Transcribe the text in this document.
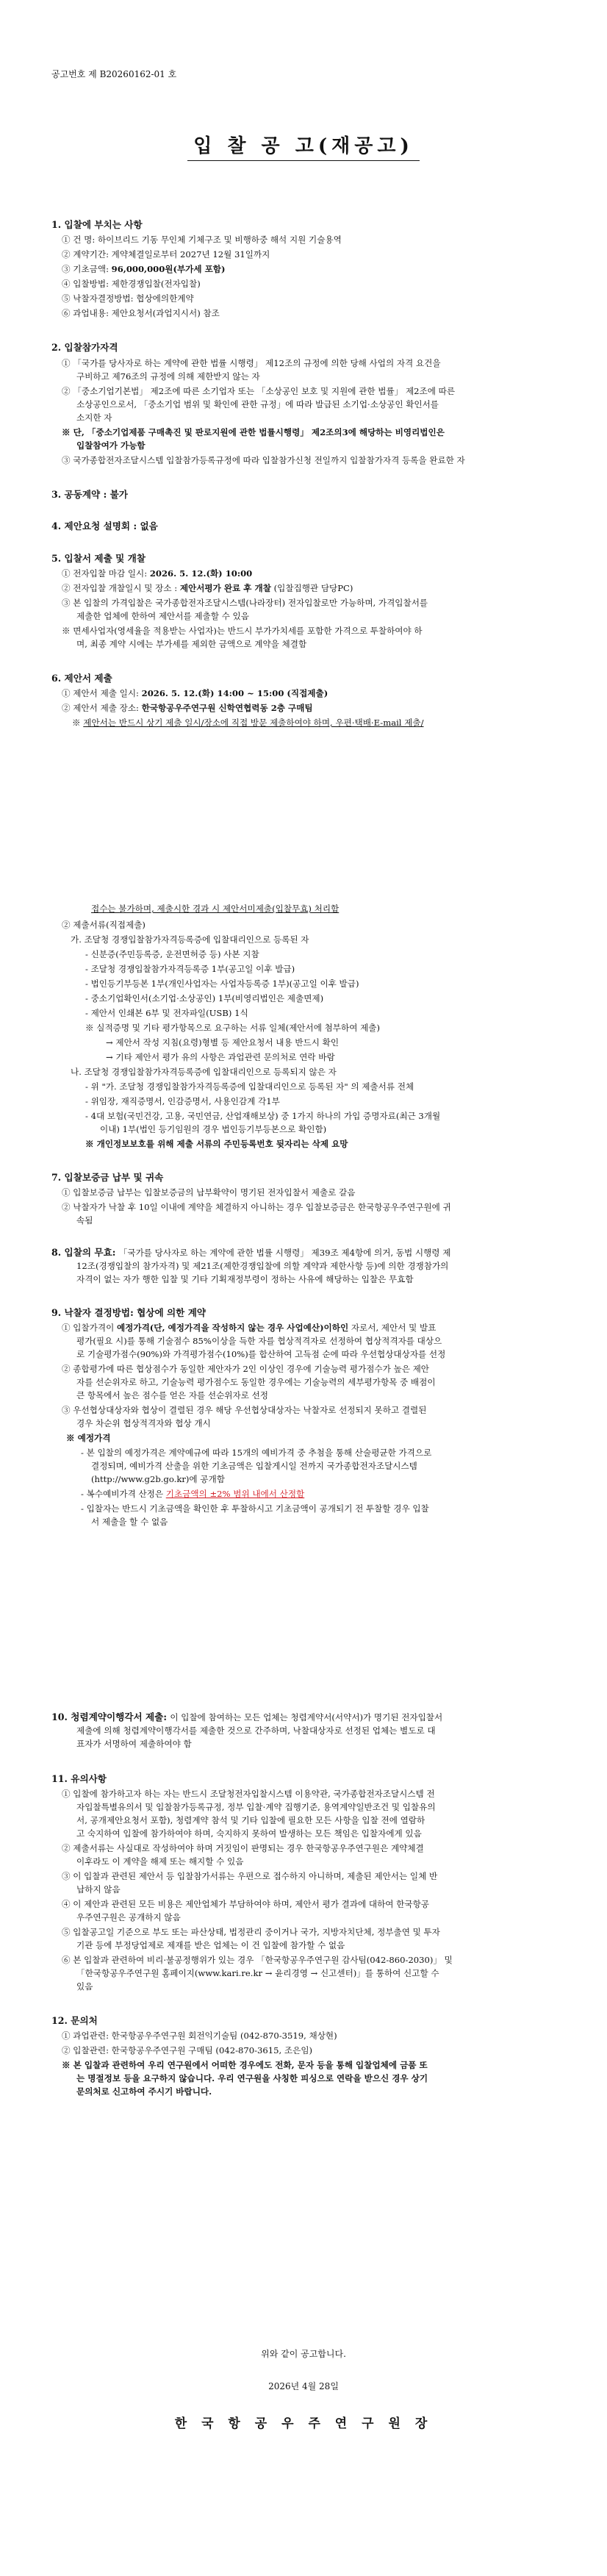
공고번호 제 B20260162-01 호
입 찰 공 고(재공고)
1. 입찰에 부치는 사항
① 건 명: 하이브리드 기동 무인체 기체구조 및 비행하중 해석 지원 기술용역
② 계약기간: 계약체결일로부터 2027년 12월 31일까지
③ 기초금액: 96,000,000원(부가세 포함)
④ 입찰방법: 제한경쟁입찰(전자입찰)
⑤ 낙찰자결정방법: 협상에의한계약
⑥ 과업내용: 제안요청서(과업지시서) 참조
2. 입찰참가자격
① 「국가를 당사자로 하는 계약에 관한 법률 시행령」 제12조의 규정에 의한 당해 사업의 자격 요건을
구비하고 제76조의 규정에 의해 제한받지 않는 자
② 「중소기업기본법」 제2조에 따른 소기업자 또는 「소상공인 보호 및 지원에 관한 법률」 제2조에 따른
소상공인으로서, 「중소기업 범위 및 확인에 관한 규정」에 따라 발급된 소기업·소상공인 확인서를
소지한 자
※ 단, 「중소기업제품 구매촉진 및 판로지원에 관한 법률시행령」 제2조의3에 해당하는 비영리법인은
입찰참여가 가능함
③ 국가종합전자조달시스템 입찰참가등록규정에 따라 입찰참가신청 전일까지 입찰참가자격 등록을 완료한 자
3. 공동계약 : 불가
4. 제안요청 설명회 : 없음
5. 입찰서 제출 및 개찰
① 전자입찰 마감 일시: 2026. 5. 12.(화) 10:00
② 전자입찰 개찰일시 및 장소 : 제안서평가 완료 후 개찰 (입찰집행관 담당PC)
③ 본 입찰의 가격입찰은 국가종합전자조달시스템(나라장터) 전자입찰로만 가능하며, 가격입찰서를
제출한 업체에 한하여 제안서를 제출할 수 있음
※ 면세사업자(영세율을 적용받는 사업자)는 반드시 부가가치세를 포함한 가격으로 투찰하여야 하
며, 최종 계약 시에는 부가세를 제외한 금액으로 계약을 체결함
6. 제안서 제출
① 제안서 제출 일시: 2026. 5. 12.(화) 14:00 ~ 15:00 (직접제출)
② 제안서 제출 장소: 한국항공우주연구원 신학연협력동 2층 구매팀
※ 제안서는 반드시 상기 제출 일시/장소에 직접 방문 제출하여야 하며, 우편·택배·E-mail 제출/
접수는 불가하며, 제출시한 경과 시 제안서미제출(입찰무효) 처리함
② 제출서류(직접제출)
가. 조달청 경쟁입찰참가자격등록증에 입찰대리인으로 등록된 자
- 신분증(주민등록증, 운전면허증 등) 사본 지참
- 조달청 경쟁입찰참가자격등록증 1부(공고일 이후 발급)
- 법인등기부등본 1부(개인사업자는 사업자등록증 1부)(공고일 이후 발급)
- 중소기업확인서(소기업·소상공인) 1부(비영리법인은 제출면제)
- 제안서 인쇄본 6부 및 전자파일(USB) 1식
※ 실적증명 및 기타 평가항목으로 요구하는 서류 일체(제안서에 첨부하여 제출)
→ 제안서 작성 지침(요령)형별 등 제안요청서 내용 반드시 확인
→ 기타 제안서 평가 유의 사항은 과업관련 문의처로 연락 바람
나. 조달청 경쟁입찰참가자격등록증에 입찰대리인으로 등록되지 않은 자
- 위 "가. 조달청 경쟁입찰참가자격등록증에 입찰대리인으로 등록된 자" 의 제출서류 전체
- 위임장, 재직증명서, 인감증명서, 사용인감계 각1부
- 4대 보험(국민건강, 고용, 국민연금, 산업재해보상) 중 1가지 하나의 가입 증명자료(최근 3개월
이내) 1부(법인 등기임원의 경우 법인등기부등본으로 확인함)
※ 개인정보보호를 위해 제출 서류의 주민등록번호 뒷자리는 삭제 요망
7. 입찰보증금 납부 및 귀속
① 입찰보증금 납부는 입찰보증금의 납부확약이 명기된 전자입찰서 제출로 갈음
② 낙찰자가 낙찰 후 10일 이내에 계약을 체결하지 아니하는 경우 입찰보증금은 한국항공우주연구원에 귀
속됨
8. 입찰의 무효: 「국가를 당사자로 하는 계약에 관한 법률 시행령」 제39조 제4항에 의거, 동법 시행령 제
12조(경쟁입찰의 참가자격) 및 제21조(제한경쟁입찰에 의할 계약과 제한사항 등)에 의한 경쟁참가의
자격이 없는 자가 행한 입찰 및 기타 기획재정부령이 정하는 사유에 해당하는 입찰은 무효함
9. 낙찰자 결정방법: 협상에 의한 계약
① 입찰가격이 예정가격(단, 예정가격을 작성하지 않는 경우 사업예산)이하인 자로서, 제안서 및 발표
평가(필요 시)를 통해 기술점수 85%이상을 득한 자를 협상적격자로 선정하여 협상적격자를 대상으
로 기술평가점수(90%)와 가격평가점수(10%)를 합산하여 고득점 순에 따라 우선협상대상자를 선정
② 종합평가에 따른 협상점수가 동일한 제안자가 2인 이상인 경우에 기술능력 평가점수가 높은 제안
자를 선순위자로 하고, 기술능력 평가점수도 동일한 경우에는 기술능력의 세부평가항목 중 배점이
큰 항목에서 높은 점수를 얻은 자를 선순위자로 선정
③ 우선협상대상자와 협상이 결렬된 경우 해당 우선협상대상자는 낙찰자로 선정되지 못하고 결렬된
경우 차순위 협상적격자와 협상 개시
※ 예정가격
- 본 입찰의 예정가격은 계약예규에 따라 15개의 예비가격 중 추첨을 통해 산술평균한 가격으로
결정되며, 예비가격 산출을 위한 기초금액은 입찰게시일 전까지 국가종합전자조달시스템
(http://www.g2b.go.kr)에 공개함
- 복수예비가격 산정은 기초금액의 ±2% 범위 내에서 산정함
- 입찰자는 반드시 기초금액을 확인한 후 투찰하시고 기초금액이 공개되기 전 투찰할 경우 입찰
서 제출을 할 수 없음
10. 청렴계약이행각서 제출: 이 입찰에 참여하는 모든 업체는 청렴계약서(서약서)가 명기된 전자입찰서
제출에 의해 청렴계약이행각서를 제출한 것으로 간주하며, 낙찰대상자로 선정된 업체는 별도로 대
표자가 서명하여 제출하여야 함
11. 유의사항
① 입찰에 참가하고자 하는 자는 반드시 조달청전자입찰시스템 이용약관, 국가종합전자조달시스템 전
자입찰특별유의서 및 입찰참가등록규정, 정부 입찰·계약 집행기준, 용역계약일반조건 및 입찰유의
서, 공개제안요청서 포함), 청렴계약 참석 및 기타 입찰에 필요한 모든 사항을 입찰 전에 열람하
고 숙지하여 입찰에 참가하여야 하며, 숙지하지 못하여 발생하는 모든 책임은 입찰자에게 있음
② 제출서류는 사실대로 작성하여야 하며 거짓임이 판명되는 경우 한국항공우주연구원은 계약체결
이후라도 이 계약을 해제 또는 해지할 수 있음
③ 이 입찰과 관련된 제안서 등 입찰참가서류는 우편으로 접수하지 아니하며, 제출된 제안서는 일체 반
납하지 않음
④ 이 제안과 관련된 모든 비용은 제안업체가 부담하여야 하며, 제안서 평가 결과에 대하여 한국항공
우주연구원은 공개하지 않음
⑤ 입찰공고일 기준으로 부도 또는 파산상태, 법정관리 중이거나 국가, 지방자치단체, 정부출연 및 투자
기관 등에 부정당업제로 제재를 받은 업체는 이 건 입찰에 참가할 수 없음
⑥ 본 입찰과 관련하여 비리·불공정행위가 있는 경우 「한국항공우주연구원 감사팀(042-860-2030)」 및
「한국항공우주연구원 홈페이지(www.kari.re.kr → 윤리경영 → 신고센터)」를 통하여 신고할 수
있음
12. 문의처
① 과업관련: 한국항공우주연구원 회전익기술팀 (042-870-3519, 채상현)
② 입찰관련: 한국항공우주연구원 구매팀 (042-870-3615, 조은임)
※ 본 입찰과 관련하여 우리 연구원에서 어떠한 경우에도 전화, 문자 등을 통해 입찰업체에 금품 또
는 명절정보 등을 요구하지 않습니다. 우리 연구원을 사칭한 피싱으로 연락을 받으신 경우 상기
문의처로 신고하여 주시기 바랍니다.
위와 같이 공고합니다.
2026년 4월 28일
한 국 항 공 우 주 연 구 원 장
